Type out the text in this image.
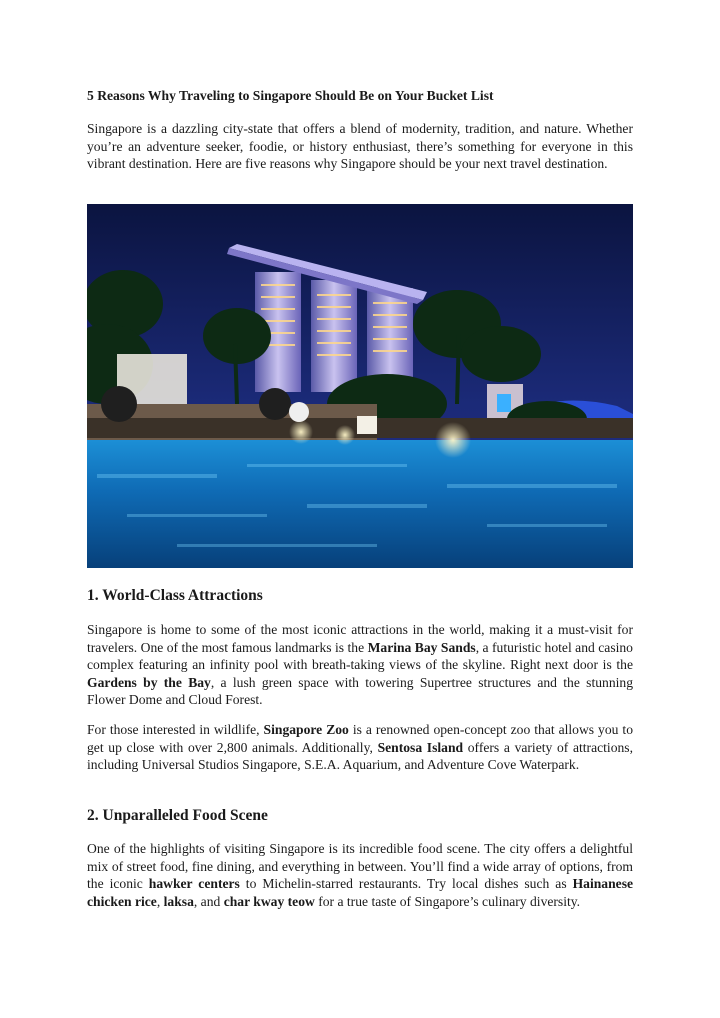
5 Reasons Why Traveling to Singapore Should Be on Your Bucket List

Singapore is a dazzling city-state that offers a blend of modernity, tradition, and nature. Whether you’re an adventure seeker, foodie, or history enthusiast, there’s something for everyone in this vibrant destination. Here are five reasons why Singapore should be your next travel destination.

1. World-Class Attractions

Singapore is home to some of the most iconic attractions in the world, making it a must-visit for travelers. One of the most famous landmarks is the Marina Bay Sands, a futuristic hotel and casino complex featuring an infinity pool with breath-taking views of the skyline. Right next door is the Gardens by the Bay, a lush green space with towering Supertree structures and the stunning Flower Dome and Cloud Forest.

For those interested in wildlife, Singapore Zoo is a renowned open-concept zoo that allows you to get up close with over 2,800 animals. Additionally, Sentosa Island offers a variety of attractions, including Universal Studios Singapore, S.E.A. Aquarium, and Adventure Cove Waterpark.

2. Unparalleled Food Scene

One of the highlights of visiting Singapore is its incredible food scene. The city offers a delightful mix of street food, fine dining, and everything in between. You’ll find a wide array of options, from the iconic hawker centers to Michelin-starred restaurants. Try local dishes such as Hainanese chicken rice, laksa, and char kway teow for a true taste of Singapore’s culinary diversity.
